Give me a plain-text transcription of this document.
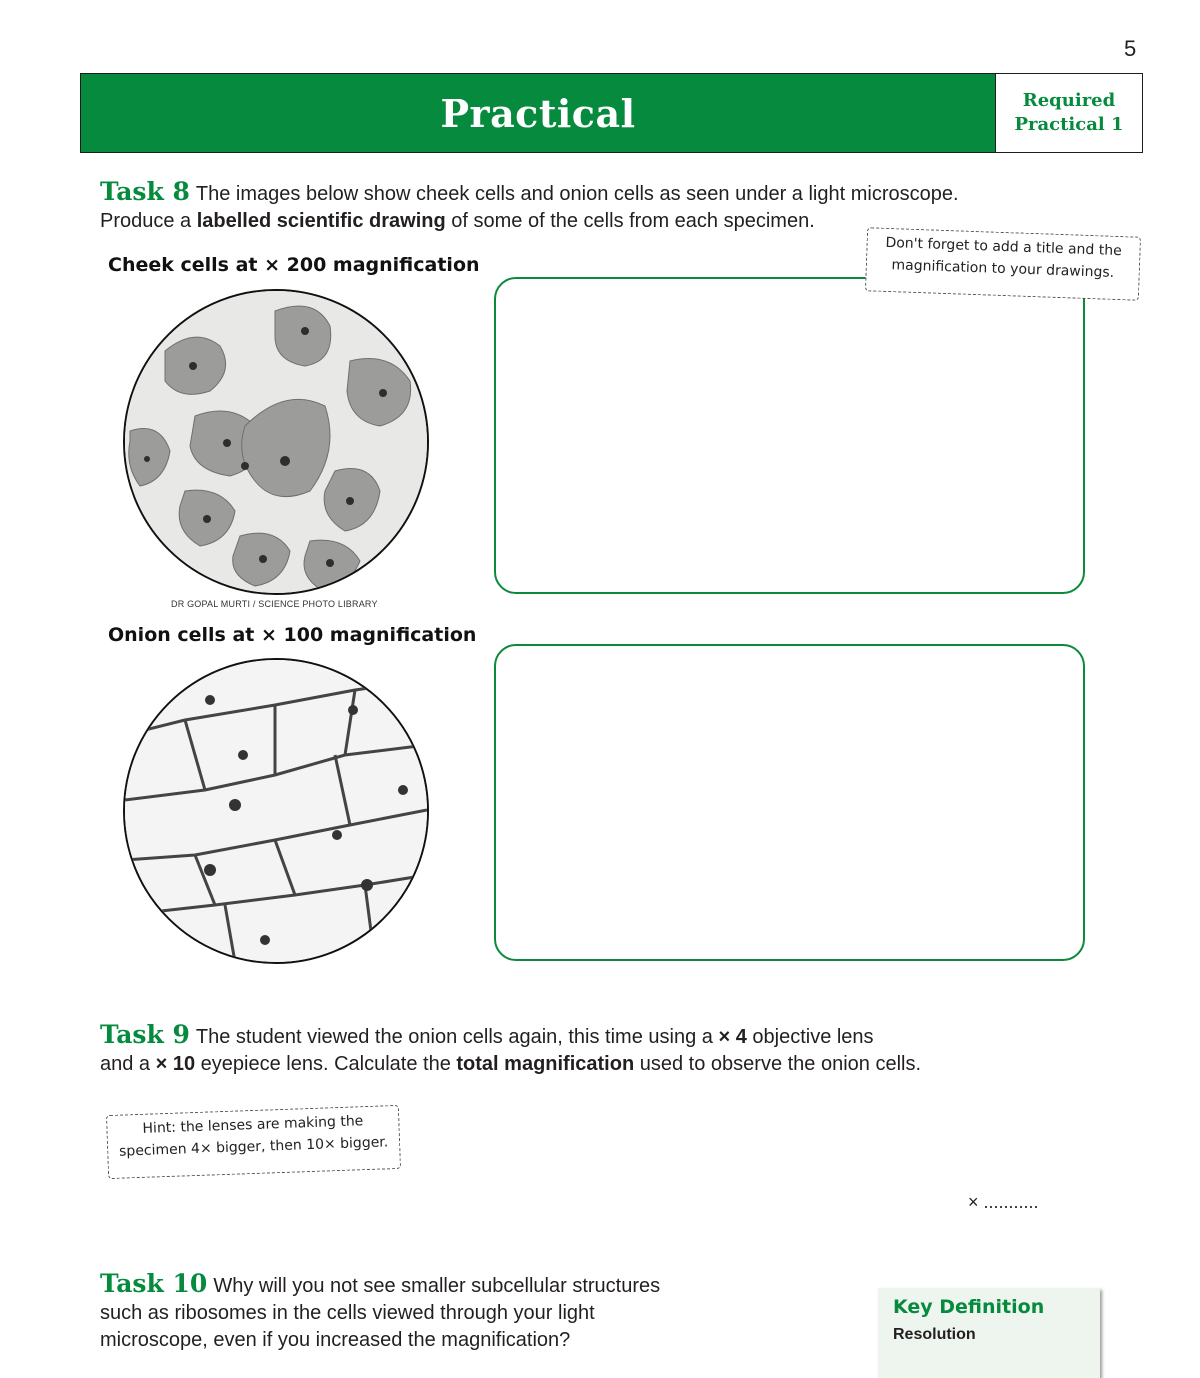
5
Practical	Required
Practical 1
Task 8 The images below show cheek cells and onion cells as seen under a light microscope.
Produce a labelled scientific drawing of some of the cells from each specimen.
Cheek cells at × 200 magnification
DR GOPAL MURTI / SCIENCE PHOTO LIBRARY
Don't forget to add a title and the
magnification to your drawings.
Onion cells at × 100 magnification
Task 9 The student viewed the onion cells again, this time using a × 4 objective lens
and a × 10 eyepiece lens. Calculate the total magnification used to observe the onion cells.
Hint: the lenses are making the
specimen 4× bigger, then 10× bigger.
× ...........
Task 10 Why will you not see smaller subcellular structures
such as ribosomes in the cells viewed through your light
microscope, even if you increased the magnification?
Key Definition
Resolution
